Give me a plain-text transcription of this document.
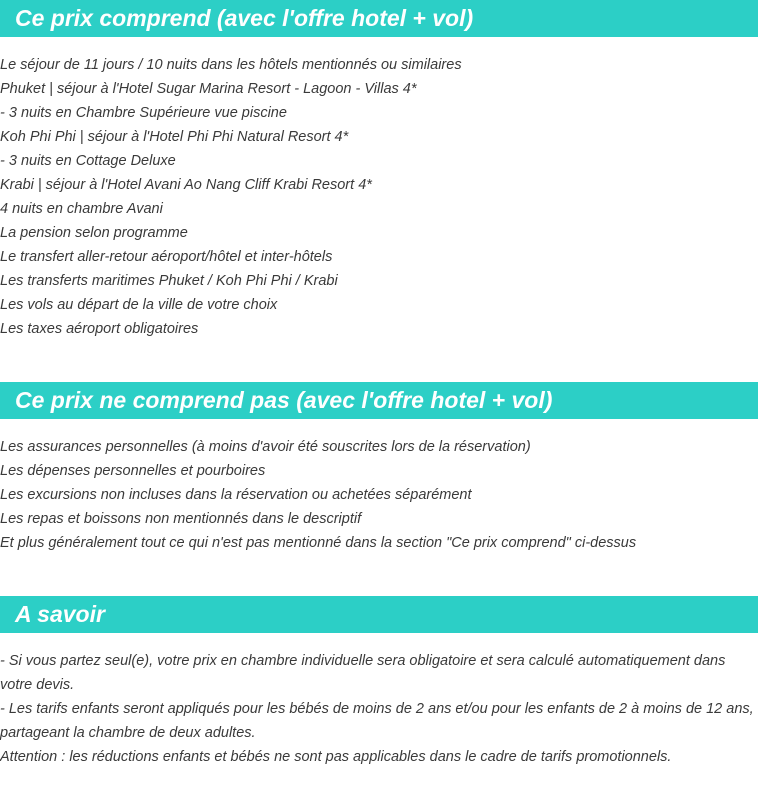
Ce prix comprend (avec l'offre hotel + vol)

Le séjour de 11 jours / 10 nuits dans les hôtels mentionnés ou similaires

Phuket | séjour à l'Hotel Sugar Marina Resort - Lagoon - Villas 4*

- 3 nuits en Chambre Supérieure vue piscine

Koh Phi Phi | séjour à l'Hotel Phi Phi Natural Resort 4*

- 3 nuits en Cottage Deluxe

Krabi | séjour à l'Hotel Avani Ao Nang Cliff Krabi Resort 4*

4 nuits en chambre Avani

La pension selon programme

Le transfert aller-retour aéroport/hôtel et inter-hôtels

Les transferts maritimes Phuket / Koh Phi Phi / Krabi

Les vols au départ de la ville de votre choix

Les taxes aéroport obligatoires

Ce prix ne comprend pas (avec l'offre hotel + vol)

Les assurances personnelles (à moins d'avoir été souscrites lors de la réservation)

Les dépenses personnelles et pourboires

Les excursions non incluses dans la réservation ou achetées séparément

Les repas et boissons non mentionnés dans le descriptif

Et plus généralement tout ce qui n'est pas mentionné dans la section "Ce prix comprend" ci-dessus

A savoir

- Si vous partez seul(e), votre prix en chambre individuelle sera obligatoire et sera calculé automatiquement dans votre devis.

- Les tarifs enfants seront appliqués pour les bébés de moins de 2 ans et/ou pour les enfants de 2 à moins de 12 ans, partageant la chambre de deux adultes.

Attention : les réductions enfants et bébés ne sont pas applicables dans le cadre de tarifs promotionnels.
